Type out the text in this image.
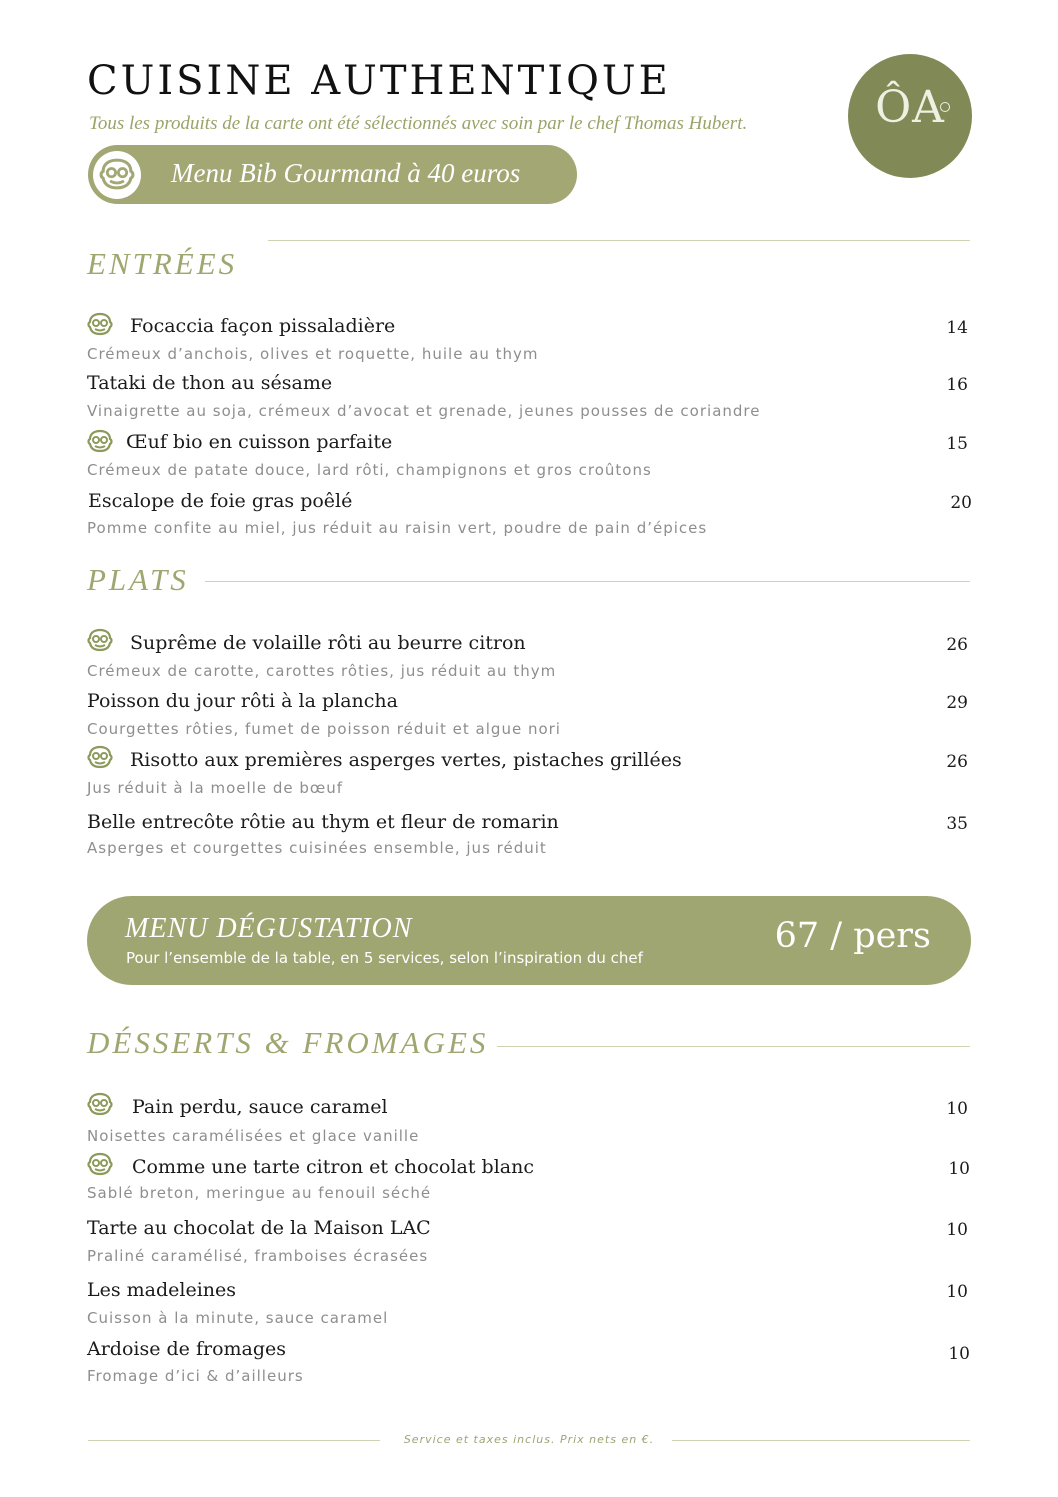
CUISINE AUTHENTIQUE
Tous les produits de la carte ont été sélectionnés avec soin par le chef Thomas Hubert.	ÔA
Menu Bib Gourmand à 40 euros
ENTRÉES
Focaccia façon pissaladière	14
Crémeux d’anchois, olives et roquette, huile au thym
Tataki de thon au sésame	16
Vinaigrette au soja, crémeux d’avocat et grenade, jeunes pousses de coriandre
Œuf bio en cuisson parfaite	15
Crémeux de patate douce, lard rôti, champignons et gros croûtons
Escalope de foie gras poêlé	20
Pomme confite au miel, jus réduit au raisin vert, poudre de pain d’épices
PLATS
Suprême de volaille rôti au beurre citron	26
Crémeux de carotte, carottes rôties, jus réduit au thym
Poisson du jour rôti à la plancha	29
Courgettes rôties, fumet de poisson réduit et algue nori
Risotto aux premières asperges vertes, pistaches grillées	26
Jus réduit à la moelle de bœuf
Belle entrecôte rôtie au thym et fleur de romarin	35
Asperges et courgettes cuisinées ensemble, jus réduit
MENU DÉGUSTATION
Pour l’ensemble de la table, en 5 services, selon l’inspiration du chef
67 / pers
DÉSSERTS & FROMAGES
Pain perdu, sauce caramel	10
Noisettes caramélisées et glace vanille
Comme une tarte citron et chocolat blanc	10
Sablé breton, meringue au fenouil séché
Tarte au chocolat de la Maison LAC	10
Praliné caramélisé, framboises écrasées
Les madeleines	10
Cuisson à la minute, sauce caramel
Ardoise de fromages	10
Fromage d’ici & d’ailleurs
Service et taxes inclus. Prix nets en €.
